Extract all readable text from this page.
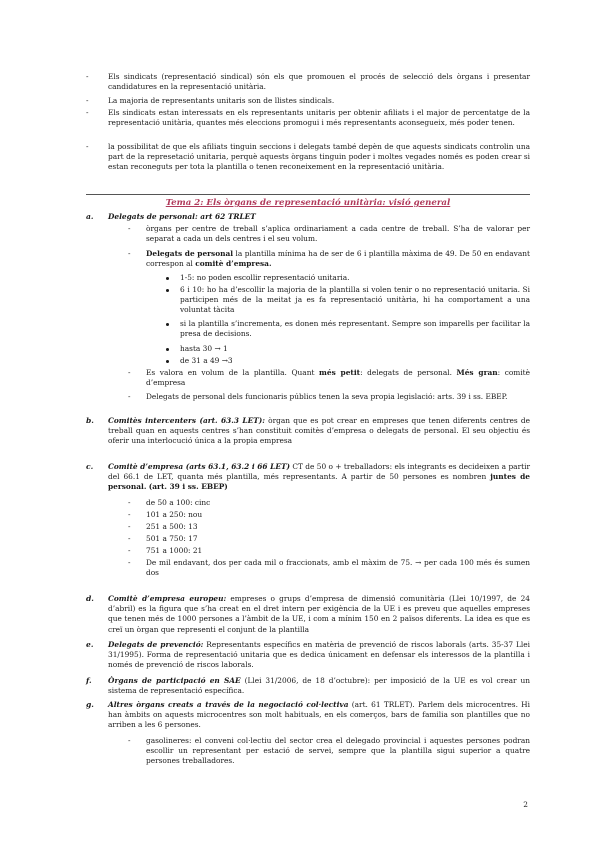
-	Els sindicats (representació sindical) són els que promouen el procés de selecció dels òrgans i presentar candidatures en la representació unitària.
-	La majoria de representants unitaris son de llistes sindicals.
-	Els sindicats estan interessats en els representants unitaris per obtenir afiliats i el major de percentatge de la representació unitària, quantes més eleccions promogui i més representants aconsegueix, més poder tenen.
-	la possibilitat de que els afiliats tinguin seccions i delegats també depèn de que aquests sindicats controlin una part de la represetació unitaria, perquè aquests òrgans tinguin poder i moltes vegades només es poden crear si estan reconeguts per tota la plantilla o tenen reconeixement en la representació unitària.
Tema 2: Els òrgans de representació unitària: visió general
a. Delegats de personal: art 62 TRLET
- òrgans per centre de treball s’aplica ordinariament a cada centre de treball. S’ha de valorar per separat a cada un dels centres i el seu volum.
- Delegats de personal la plantilla mínima ha de ser de 6 i plantilla màxima de 49. De 50 en endavant correspon al comitè d’empresa.
1-5: no poden escollir representació unitaria.
6 i 10: ho ha d’escollir la majoria de la plantilla si volen tenir o no representació unitaria. Si participen més de la meitat ja es fa representació unitària, hi ha comportament a una voluntat tàcita
si la plantilla s’incrementa, es donen més representant. Sempre son imparells per facilitar la presa de decisions.
hasta 30 → 1
de 31 a 49 →3
- Es valora en volum de la plantilla. Quant més petit: delegats de personal. Més gran: comitè d’empresa
- Delegats de personal dels funcionaris públics tenen la seva propia legislació: arts. 39 i ss. EBEP.
b. Comitès intercenters (art. 63.3 LET): òrgan que es pot crear en empreses que tenen diferents centres de treball quan en aquests centres s’han constituit comitès d’empresa o delegats de personal. El seu objectiu és oferir una interlocució única a la propia empresa
c. Comitè d’empresa (arts 63.1, 63.2 i 66 LET) CT de 50 o + treballadors: els integrants es decideixen a partir del 66.1 de LET, quanta més plantilla, més representants. A partir de 50 persones es nombren juntes de personal. (art. 39 i ss. EBEP)
- de 50 a 100: cinc
- 101 a 250: nou
- 251 a 500: 13
- 501 a 750: 17
- 751 a 1000: 21
- De mil endavant, dos per cada mil o fraccionats, amb el màxim de 75. → per cada 100 més és sumen dos
d. Comitè d’empresa europeu: empreses o grups d’empresa de dimensió comunitària (Llei 10/1997, de 24 d’abril) es la figura que s’ha creat en el dret intern per exigència de la UE i es preveu que aquelles empreses que tenen més de 1000 persones a l’àmbit de la UE, i com a mínim 150 en 2 països diferents. La idea es que es creï un òrgan que representi el conjunt de la plantilla
e. Delegats de prevenció: Representants específics en matèria de prevenció de riscos laborals (arts. 35-37 Llei 31/1995). Forma de representació unitaria que es dedica únicament en defensar els interessos de la plantilla i només de prevenció de riscos laborals.
f. Òrgans de participació en SAE (Llei 31/2006, de 18 d’octubre): per imposició de la UE es vol crear un sistema de representació específica.
g. Altres òrgans creats a través de la negociació col·lectiva (art. 61 TRLET). Parlem dels microcentres. Hi han àmbits on aquests microcentres son molt habituals, en els comerços, bars de familia son plantilles que no arriben a les 6 persones.
- gasolineres: el conveni col·lectiu del sector crea el delegado provincial i aquestes persones podran escollir un representant per estació de servei, sempre que la plantilla sigui superior a quatre persones treballadores.
2
